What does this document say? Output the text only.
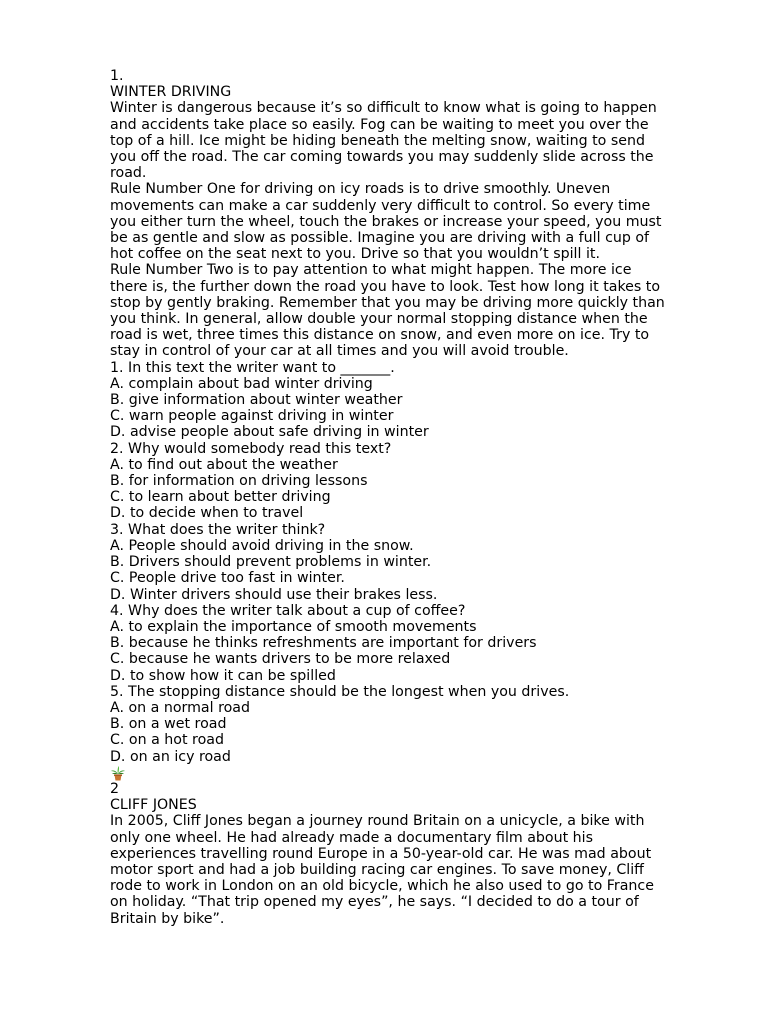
1.
WINTER DRIVING
Winter is dangerous because it’s so difficult to know what is going to happen
and accidents take place so easily. Fog can be waiting to meet you over the
top of a hill. Ice might be hiding beneath the melting snow, waiting to send
you off the road. The car coming towards you may suddenly slide across the
road.
Rule Number One for driving on icy roads is to drive smoothly. Uneven
movements can make a car suddenly very difficult to control. So every time
you either turn the wheel, touch the brakes or increase your speed, you must
be as gentle and slow as possible. Imagine you are driving with a full cup of
hot coffee on the seat next to you. Drive so that you wouldn’t spill it.
Rule Number Two is to pay attention to what might happen. The more ice
there is, the further down the road you have to look. Test how long it takes to
stop by gently braking. Remember that you may be driving more quickly than
you think. In general, allow double your normal stopping distance when the
road is wet, three times this distance on snow, and even more on ice. Try to
stay in control of your car at all times and you will avoid trouble.
1. In this text the writer want to _______.
A. complain about bad winter driving
B. give information about winter weather
C. warn people against driving in winter
D. advise people about safe driving in winter
2. Why would somebody read this text?
A. to find out about the weather
B. for information on driving lessons
C. to learn about better driving
D. to decide when to travel
3. What does the writer think?
A. People should avoid driving in the snow.
B. Drivers should prevent problems in winter.
C. People drive too fast in winter.
D. Winter drivers should use their brakes less.
4. Why does the writer talk about a cup of coffee?
A. to explain the importance of smooth movements
B. because he thinks refreshments are important for drivers
C. because he wants drivers to be more relaxed
D. to show how it can be spilled
5. The stopping distance should be the longest when you drives.
A. on a normal road
B. on a wet road
C. on a hot road
D. on an icy road
2
CLIFF JONES
In 2005, Cliff Jones began a journey round Britain on a unicycle, a bike with
only one wheel. He had already made a documentary film about his
experiences travelling round Europe in a 50-year-old car. He was mad about
motor sport and had a job building racing car engines. To save money, Cliff
rode to work in London on an old bicycle, which he also used to go to France
on holiday. “That trip opened my eyes”, he says. “I decided to do a tour of
Britain by bike”.
